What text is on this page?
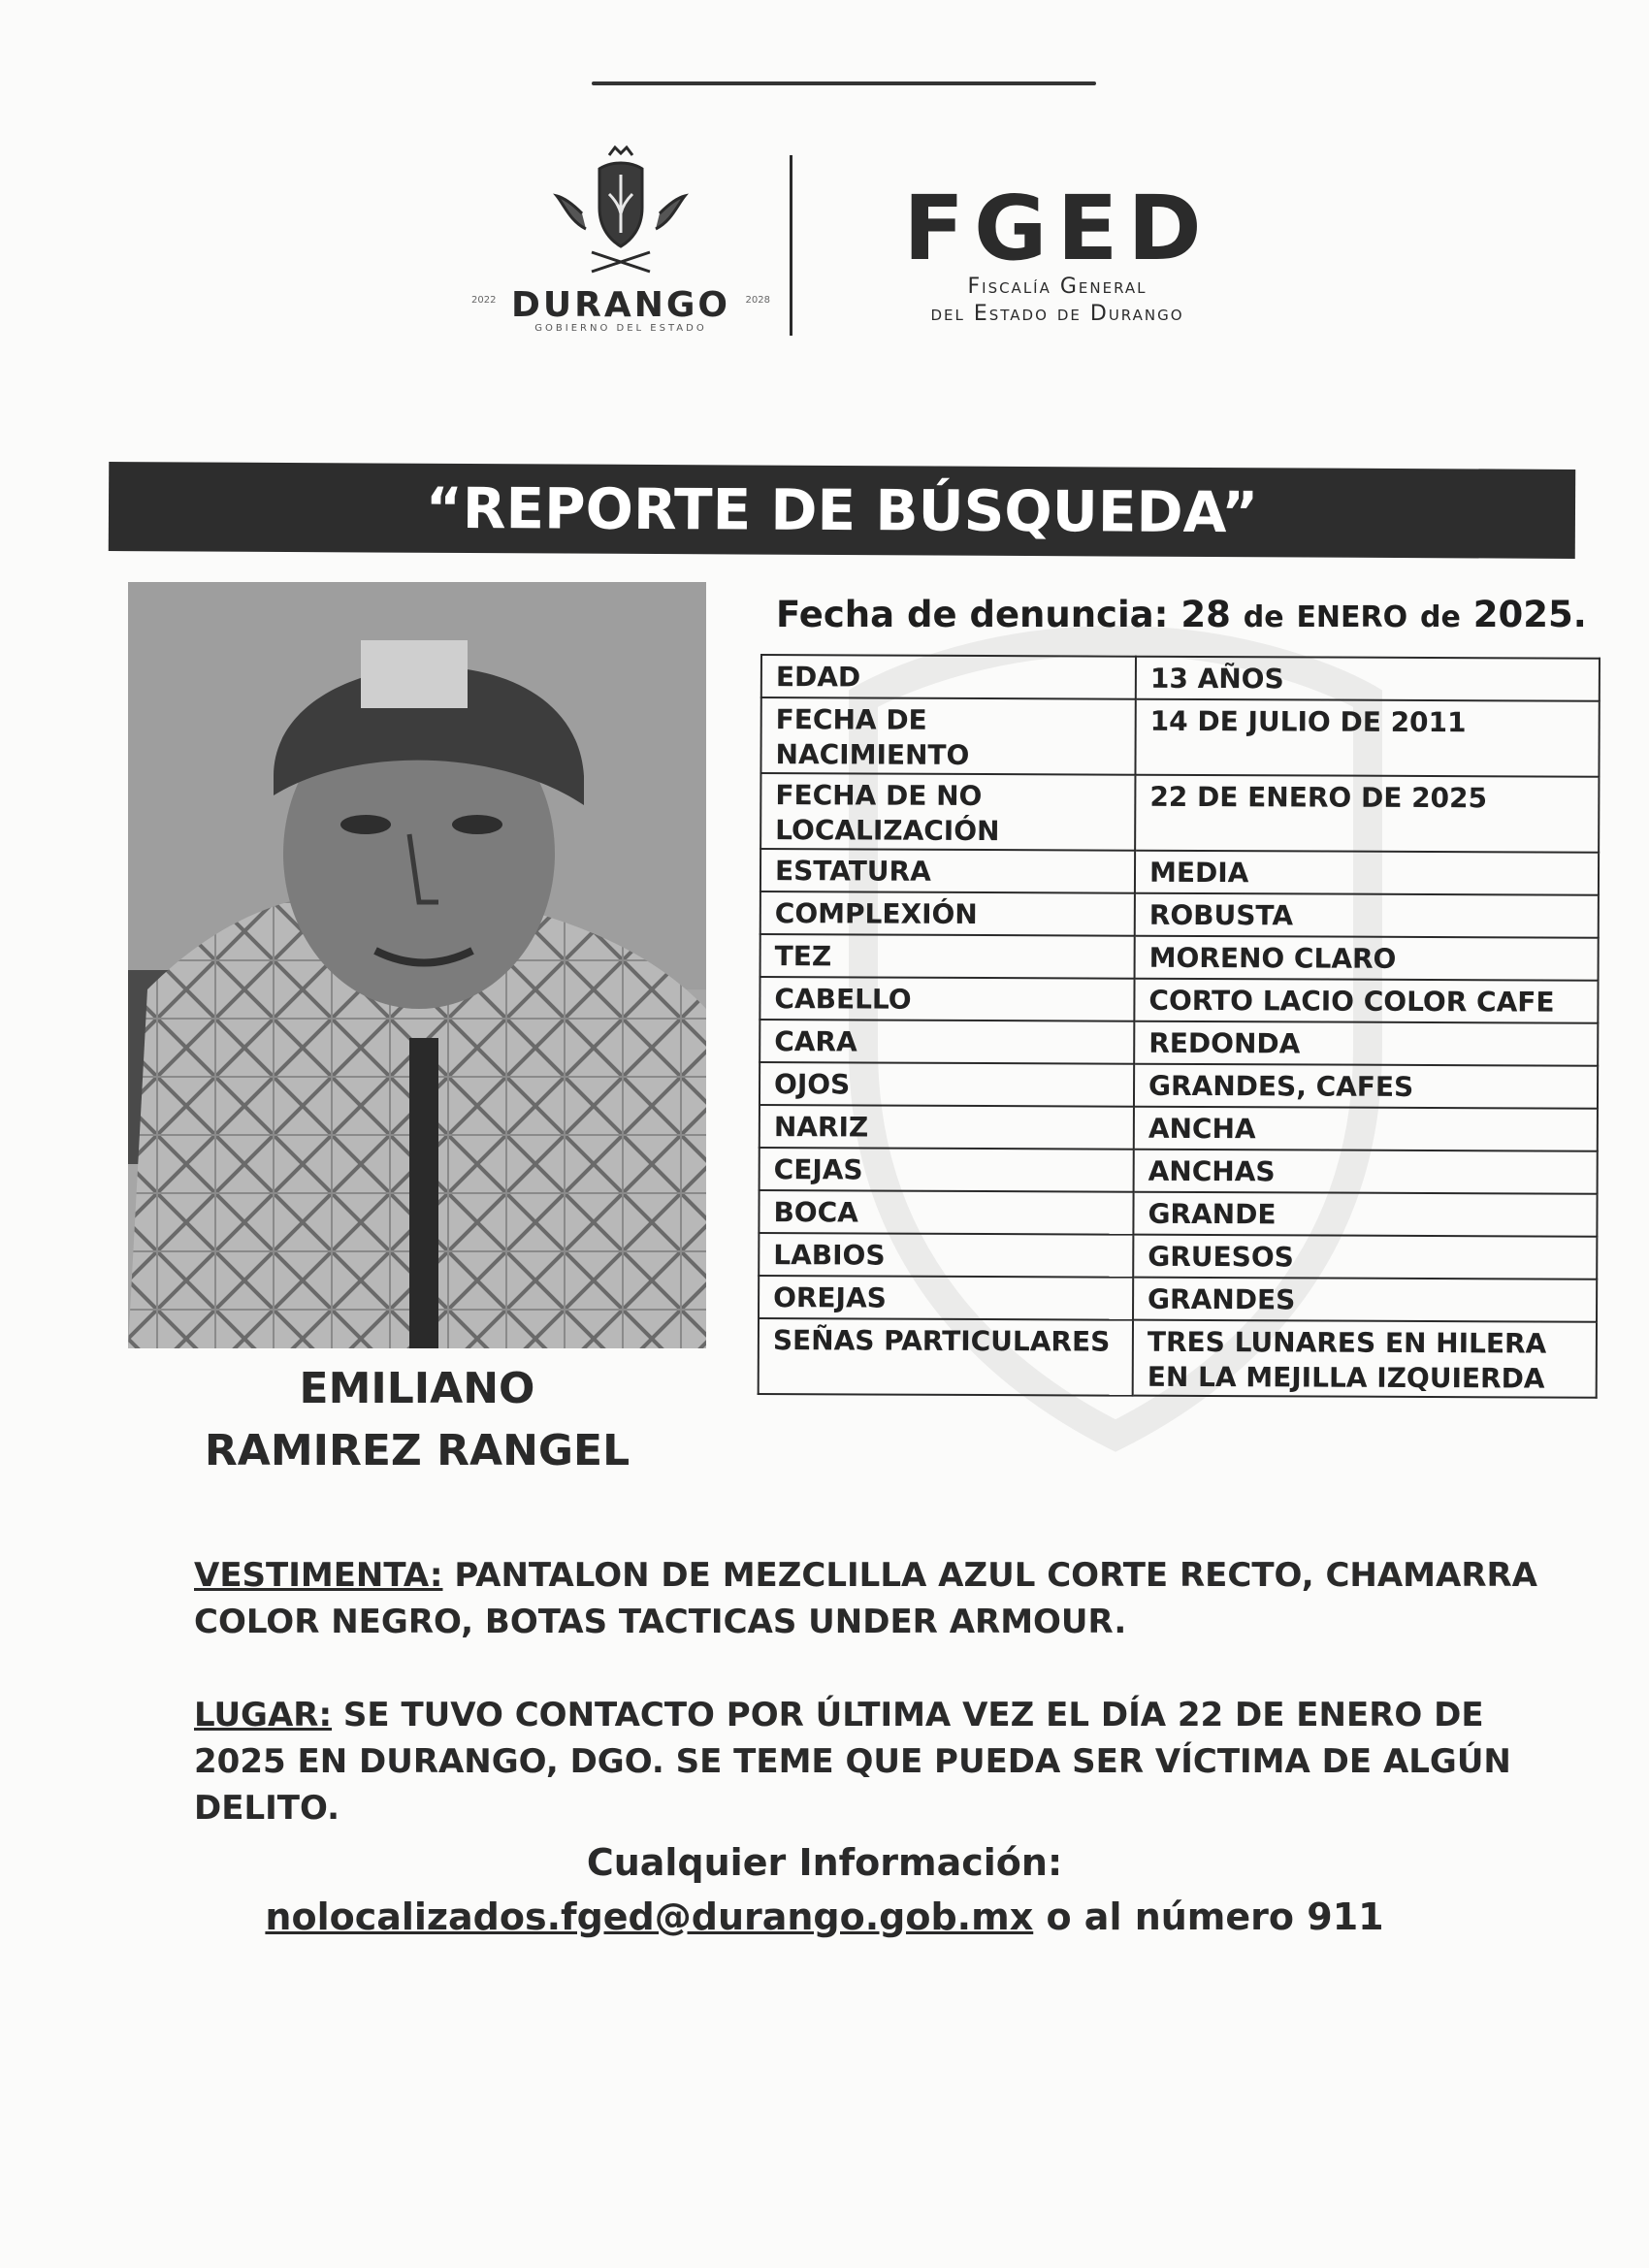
2022	2028
DURANGO
GOBIERNO DEL ESTADO
FGED
Fiscalía General
del Estado de Durango
“REPORTE DE BÚSQUEDA”
EMILIANO
RAMIREZ RANGEL
Fecha de denuncia: 28 de ENERO de 2025.
EDAD	13 AÑOS
FECHA DE NACIMIENTO	14 DE JULIO DE 2011
FECHA DE NO LOCALIZACIÓN	22 DE ENERO DE 2025
ESTATURA	MEDIA
COMPLEXIÓN	ROBUSTA
TEZ	MORENO CLARO
CABELLO	CORTO LACIO COLOR CAFE
CARA	REDONDA
OJOS	GRANDES, CAFES
NARIZ	ANCHA
CEJAS	ANCHAS
BOCA	GRANDE
LABIOS	GRUESOS
OREJAS	GRANDES
SEÑAS PARTICULARES	TRES LUNARES EN HILERA EN LA MEJILLA IZQUIERDA
VESTIMENTA: PANTALON DE MEZCLILLA AZUL CORTE RECTO, CHAMARRA COLOR NEGRO, BOTAS TACTICAS UNDER ARMOUR.
LUGAR: SE TUVO CONTACTO POR ÚLTIMA VEZ EL DÍA 22 DE ENERO DE 2025 EN DURANGO, DGO. SE TEME QUE PUEDA SER VÍCTIMA DE ALGÚN DELITO.
Cualquier Información:
nolocalizados.fged@durango.gob.mx o al número 911
